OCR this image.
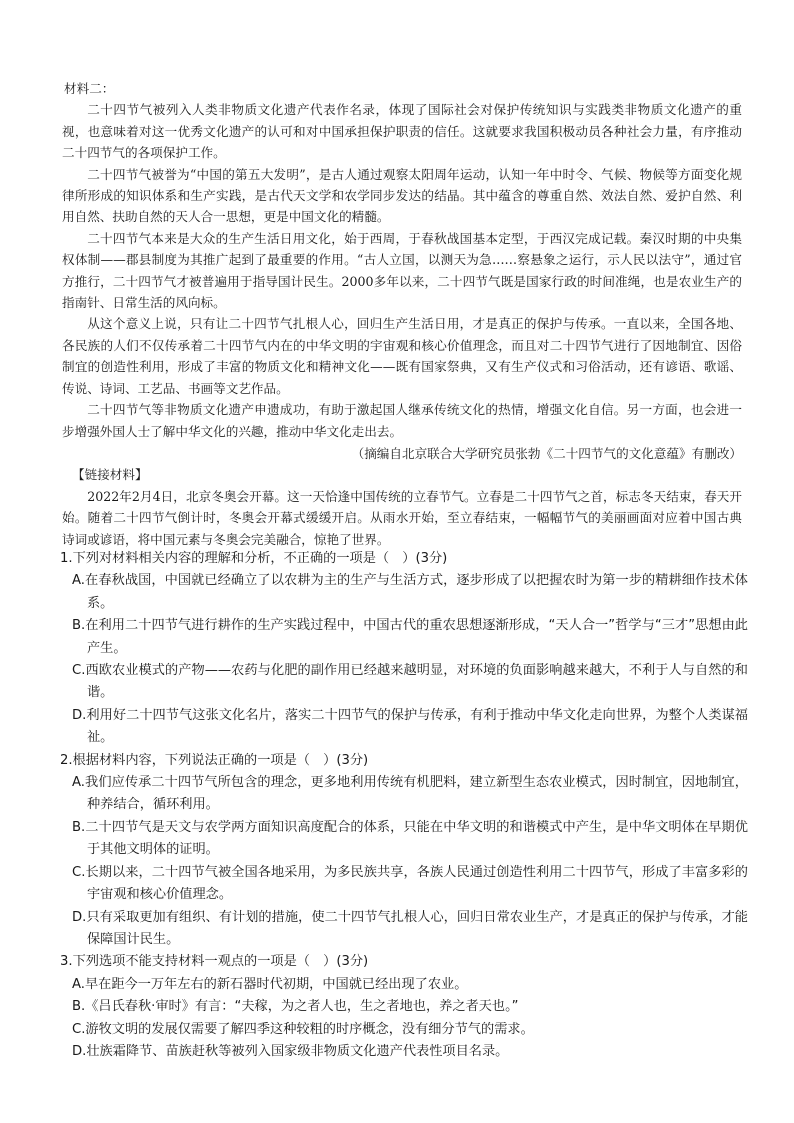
材料二：

二十四节气被列入人类非物质文化遗产代表作名录，体现了国际社会对保护传统知识与实践类非物质文化遗产的重视，也意味着对这一优秀文化遗产的认可和对中国承担保护职责的信任。这就要求我国积极动员各种社会力量，有序推动二十四节气的各项保护工作。

二十四节气被誉为“中国的第五大发明”，是古人通过观察太阳周年运动，认知一年中时令、气候、物候等方面变化规律所形成的知识体系和生产实践，是古代天文学和农学同步发达的结晶。其中蕴含的尊重自然、效法自然、爱护自然、利用自然、扶助自然的天人合一思想，更是中国文化的精髓。

二十四节气本来是大众的生产生活日用文化，始于西周，于春秋战国基本定型，于西汉完成记载。秦汉时期的中央集权体制——郡县制度为其推广起到了最重要的作用。“古人立国，以测天为急……察悬象之运行，示人民以法守”，通过官方推行，二十四节气才被普遍用于指导国计民生。2000多年以来，二十四节气既是国家行政的时间准绳，也是农业生产的指南针、日常生活的风向标。

从这个意义上说，只有让二十四节气扎根人心，回归生产生活日用，才是真正的保护与传承。一直以来，全国各地、各民族的人们不仅传承着二十四节气内在的中华文明的宇宙观和核心价值理念，而且对二十四节气进行了因地制宜、因俗制宜的创造性利用，形成了丰富的物质文化和精神文化——既有国家祭典，又有生产仪式和习俗活动，还有谚语、歌谣、传说、诗词、工艺品、书画等文艺作品。

二十四节气等非物质文化遗产申遗成功，有助于激起国人继承传统文化的热情，增强文化自信。另一方面，也会进一步增强外国人士了解中华文化的兴趣，推动中华文化走出去。

（摘编自北京联合大学研究员张勃《二十四节气的文化意蕴》有删改）

【链接材料】

2022年2月4日，北京冬奥会开幕。这一天恰逢中国传统的立春节气。立春是二十四节气之首，标志冬天结束，春天开始。随着二十四节气倒计时，冬奥会开幕式缓缓开启。从雨水开始，至立春结束，一幅幅节气的美丽画面对应着中国古典诗词或谚语，将中国元素与冬奥会完美融合，惊艳了世界。

1.下列对材料相关内容的理解和分析，不正确的一项是（　）(3分)

A.在春秋战国，中国就已经确立了以农耕为主的生产与生活方式，逐步形成了以把握农时为第一步的精耕细作技术体系。

B.在利用二十四节气进行耕作的生产实践过程中，中国古代的重农思想逐渐形成，“天人合一”哲学与“三才”思想由此产生。

C.西欧农业模式的产物——农药与化肥的副作用已经越来越明显，对环境的负面影响越来越大，不利于人与自然的和谐。

D.利用好二十四节气这张文化名片，落实二十四节气的保护与传承，有利于推动中华文化走向世界，为整个人类谋福祉。

2.根据材料内容，下列说法正确的一项是（　）(3分)

A.我们应传承二十四节气所包含的理念，更多地利用传统有机肥料，建立新型生态农业模式，因时制宜，因地制宜，种养结合，循环利用。

B.二十四节气是天文与农学两方面知识高度配合的体系，只能在中华文明的和谐模式中产生，是中华文明体在早期优于其他文明体的证明。

C.长期以来，二十四节气被全国各地采用，为多民族共享，各族人民通过创造性利用二十四节气，形成了丰富多彩的宇宙观和核心价值理念。

D.只有采取更加有组织、有计划的措施，使二十四节气扎根人心，回归日常农业生产，才是真正的保护与传承，才能保障国计民生。

3.下列选项不能支持材料一观点的一项是（　）(3分)

A.早在距今一万年左右的新石器时代初期，中国就已经出现了农业。

B.《吕氏春秋·审时》有言：“夫稼，为之者人也，生之者地也，养之者天也。”

C.游牧文明的发展仅需要了解四季这种较粗的时序概念，没有细分节气的需求。

D.壮族霜降节、苗族赶秋等被列入国家级非物质文化遗产代表性项目名录。
